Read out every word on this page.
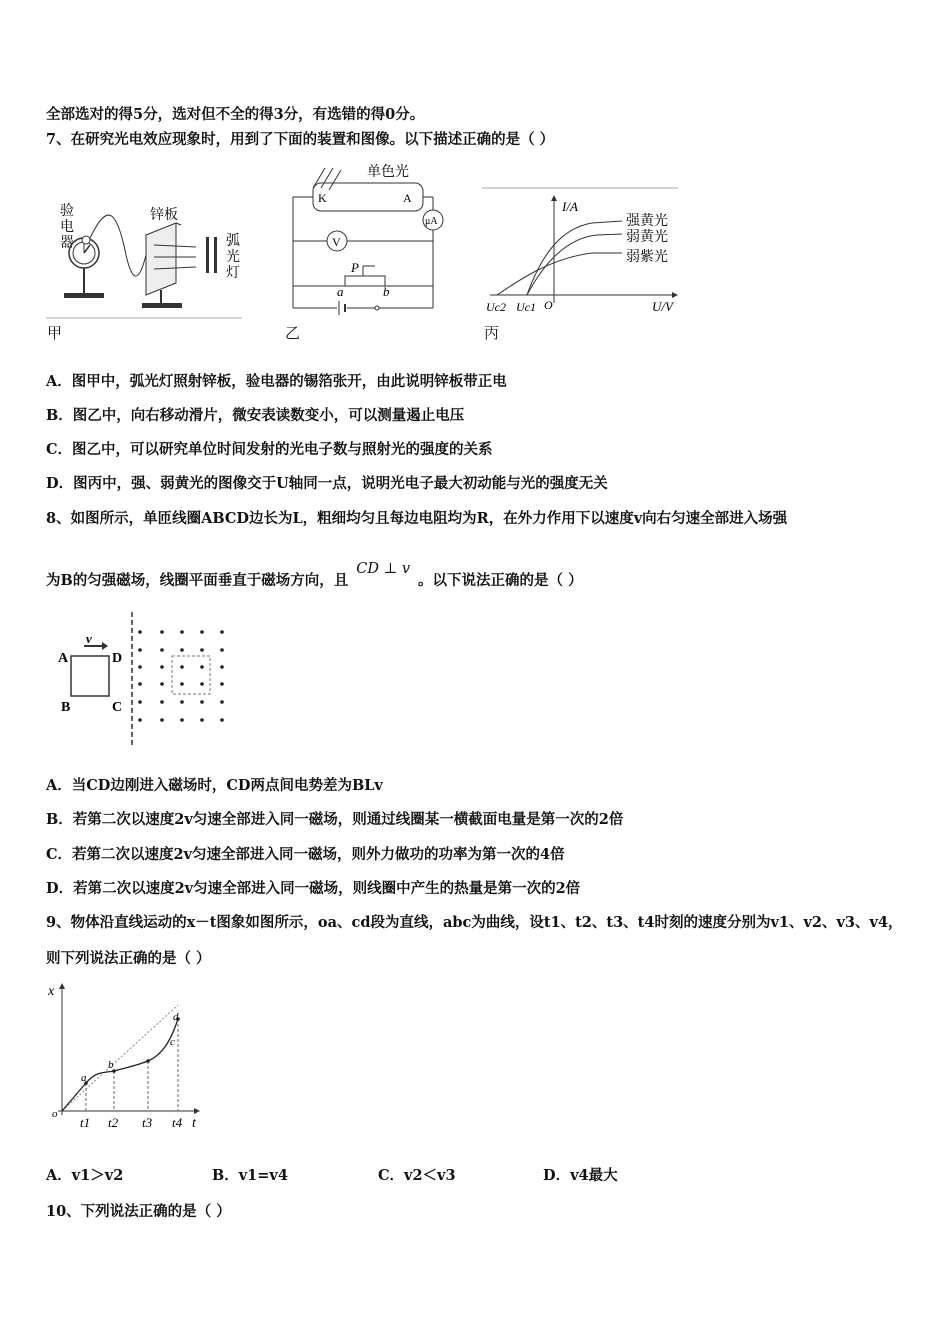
全部选对的得5分，选对但不全的得3分，有选错的得0分。
7、在研究光电效应现象时，用到了下面的装置和图像。以下描述正确的是（ ）
验电器
锌板
弧光灯
甲
单色光
K	A
μA
V
P
a	b
乙
I/A
U/V
O
Uc2 Uc1
强黄光
弱黄光
弱紫光
丙
A．图甲中，弧光灯照射锌板，验电器的锡箔张开，由此说明锌板带正电
B．图乙中，向右移动滑片，微安表读数变小，可以测量遏止电压
C．图乙中，可以研究单位时间发射的光电子数与照射光的强度的关系
D．图丙中，强、弱黄光的图像交于U轴同一点，说明光电子最大初动能与光的强度无关
8、如图所示，单匝线圈ABCD边长为L，粗细均匀且每边电阻均为R，在外力作用下以速度v向右匀速全部进入场强
为B的匀强磁场，线圈平面垂直于磁场方向，且CD ⊥ v。以下说法正确的是（ ）
A	D
B	C
v
A．当CD边刚进入磁场时，CD两点间电势差为BLv
B．若第二次以速度2v匀速全部进入同一磁场，则通过线圈某一横截面电量是第一次的2倍
C．若第二次以速度2v匀速全部进入同一磁场，则外力做功的功率为第一次的4倍
D．若第二次以速度2v匀速全部进入同一磁场，则线圈中产生的热量是第一次的2倍
9、物体沿直线运动的x－t图象如图所示，oa、cd段为直线，abc为曲线，设t1、t2、t3、t4时刻的速度分别为v1、v2、v3、v4，
则下列说法正确的是（ ）
x
t
o
a
b
c
d
t1 t2 t3 t4
A．v1＞v2	B．v1=v4	C．v2＜v3	D．v4最大
10、下列说法正确的是（ ）
